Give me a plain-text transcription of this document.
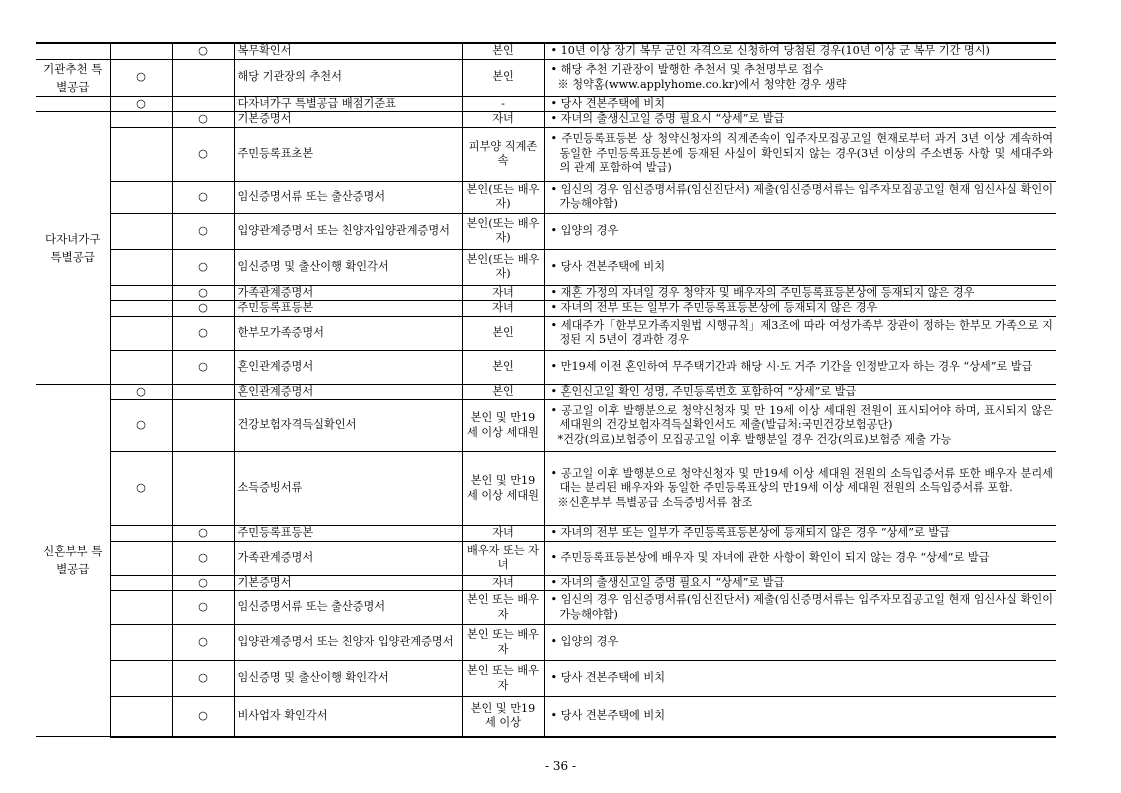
		○	복무확인서	본인	• 10년 이상 장기 복무 군인 자격으로 신청하여 당첨된 경우(10년 이상 군 복무 기간 명시)

기관추천 특별공급	○		해당 기관장의 추천서	본인	• 해당 추천 기관장이 발행한 추천서 및 추천명부로 접수
※ 청약홈(www.applyhome.co.kr)에서 청약한 경우 생략

	○		다자녀가구 특별공급 배점기준표	-	• 당사 견본주택에 비치

다자녀가구 특별공급		○	기본증명서	자녀	• 자녀의 출생신고일 증명 필요시 “상세”로 발급

		○	주민등록표초본	피부양 직계존속	• 주민등록표등본 상 청약신청자의 직계존속이 입주자모집공고일 현재로부터 과거 3년 이상 계속하여 동일한 주민등록표등본에 등재된 사실이 확인되지 않는 경우(3년 이상의 주소변동 사항 및 세대주와의 관계 포함하여 발급)

		○	임신증명서류 또는 출산증명서	본인(또는 배우자)	• 임신의 경우 임신증명서류(임신진단서) 제출(임신증명서류는 입주자모집공고일 현재 임신사실 확인이 가능해야함)

		○	입양관계증명서 또는 친양자입양관계증명서	본인(또는 배우자)	• 입양의 경우

		○	임신증명 및 출산이행 확인각서	본인(또는 배우자)	• 당사 견본주택에 비치

		○	가족관계증명서	자녀	• 재혼 가정의 자녀일 경우 청약자 및 배우자의 주민등록표등본상에 등재되지 않은 경우

		○	주민등록표등본	자녀	• 자녀의 전부 또는 일부가 주민등록표등본상에 등재되지 않은 경우

		○	한부모가족증명서	본인	• 세대주가「한부모가족지원법 시행규칙」제3조에 따라 여성가족부 장관이 정하는 한부모 가족으로 지정된 지 5년이 경과한 경우

		○	혼인관계증명서	본인	• 만19세 이전 혼인하여 무주택기간과 해당 시·도 거주 기간을 인정받고자 하는 경우 “상세”로 발급

신혼부부 특별공급	○		혼인관계증명서	본인	• 혼인신고일 확인 성명, 주민등록번호 포함하여 “상세”로 발급

	○		건강보험자격득실확인서	본인 및 만19세 이상 세대원	• 공고일 이후 발행분으로 청약신청자 및 만 19세 이상 세대원 전원이 표시되어야 하며, 표시되지 않은 세대원의 건강보험자격득실확인서도 제출(발급처:국민건강보험공단)
*건강(의료)보험증이 모집공고일 이후 발행분일 경우 건강(의료)보험증 제출 가능

	○		소득증빙서류	본인 및 만19세 이상 세대원	• 공고일 이후 발행분으로 청약신청자 및 만19세 이상 세대원 전원의 소득입증서류 또한 배우자 분리세대는 분리된 배우자와 동일한 주민등록표상의 만19세 이상 세대원 전원의 소득입증서류 포함.
※신혼부부 특별공급 소득증빙서류 참조

		○	주민등록표등본	자녀	• 자녀의 전부 또는 일부가 주민등록표등본상에 등재되지 않은 경우 “상세”로 발급

		○	가족관계증명서	배우자 또는 자녀	• 주민등록표등본상에 배우자 및 자녀에 관한 사항이 확인이 되지 않는 경우 “상세”로 발급

		○	기본증명서	자녀	• 자녀의 출생신고일 증명 필요시 “상세”로 발급

		○	임신증명서류 또는 출산증명서	본인 또는 배우자	• 임신의 경우 임신증명서류(임신진단서) 제출(임신증명서류는 입주자모집공고일 현재 임신사실 확인이 가능해야함)

		○	입양관계증명서 또는 친양자 입양관계증명서	본인 또는 배우자	• 입양의 경우

		○	임신증명 및 출산이행 확인각서	본인 또는 배우자	• 당사 견본주택에 비치

		○	비사업자 확인각서	본인 및 만19세 이상	• 당사 견본주택에 비치
- 36 -
